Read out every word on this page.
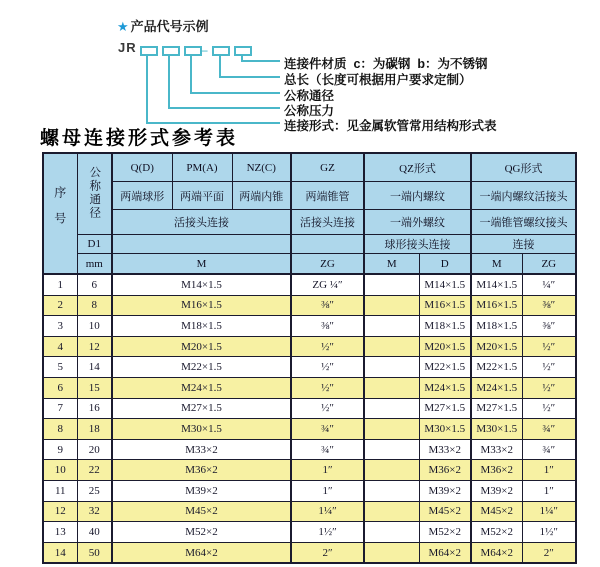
★ 产品代号示例
JR	–
连接件材质  c：为碳钢  b：为不锈钢
总长（长度可根据用户要求定制）
公称通径
公称压力
连接形式：见金属软管常用结构形式表
螺母连接形式参考表
序号	公称通径	Q(D)	PM(A)	NZ(C)	GZ	QZ形式		QG形式	
		两端球形	两端平面	两端内锥	两端锥管	一端内螺纹		一端内螺纹活接头	
		活接头连接			活接头连接	一端外螺纹		一端锥管螺纹接头	
	D1					球形接头连接		连接	
	mm	M			ZG	M	D	M	ZG
1	6	M14×1.5			ZG ¼″		M14×1.5	M14×1.5	¼″
2	8	M16×1.5			⅜″		M16×1.5	M16×1.5	⅜″
3	10	M18×1.5			⅜″		M18×1.5	M18×1.5	⅜″
4	12	M20×1.5			½″		M20×1.5	M20×1.5	½″
5	14	M22×1.5			½″		M22×1.5	M22×1.5	½″
6	15	M24×1.5			½″		M24×1.5	M24×1.5	½″
7	16	M27×1.5			½″		M27×1.5	M27×1.5	½″
8	18	M30×1.5			¾″		M30×1.5	M30×1.5	¾″
9	20	M33×2			¾″		M33×2	M33×2	¾″
10	22	M36×2			1″		M36×2	M36×2	1″
11	25	M39×2			1″		M39×2	M39×2	1″
12	32	M45×2			1¼″		M45×2	M45×2	1¼″
13	40	M52×2			1½″		M52×2	M52×2	1½″
14	50	M64×2			2″		M64×2	M64×2	2″
